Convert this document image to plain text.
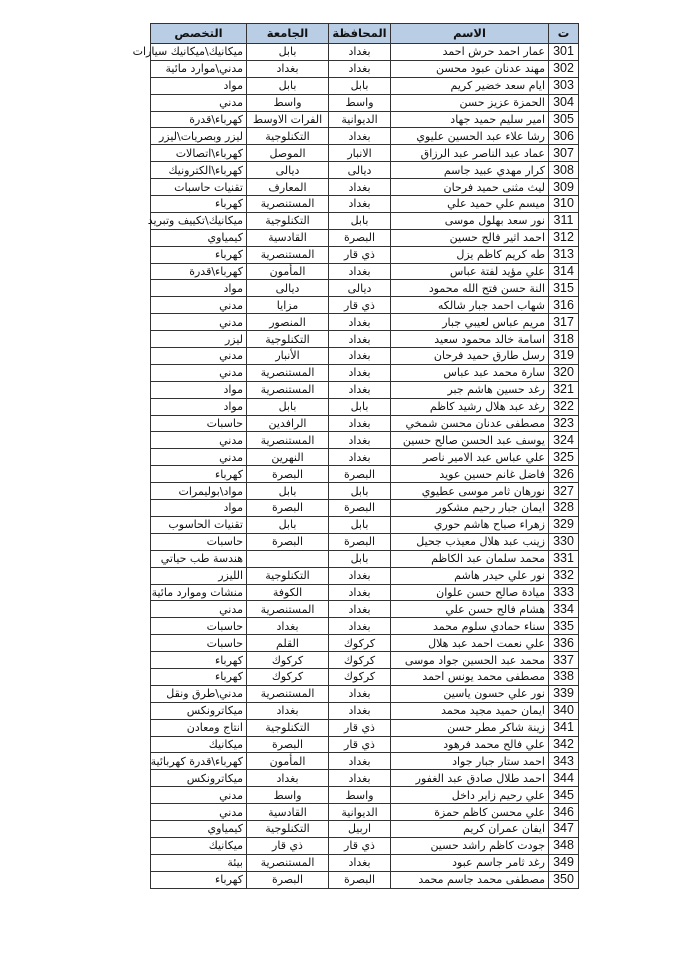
ت	الاسم	المحافظة	الجامعة	التخصص
301	عمار احمد حرش احمد	بغداد	بابل	ميكانيك\ميكانيك سيارات
302	مهند عدنان عبود محسن	بغداد	بغداد	مدني\موارد مائية
303	ايام سعد خضير كريم	بابل	بابل	مواد
304	الحمزة عزيز حسن	واسط	واسط	مدني
305	امير سليم حميد جهاد	الديوانية	الفرات الاوسط	كهرباء\قدرة
306	رشا علاء عبد الحسين عليوي	بغداد	التكنلوجية	ليزر وبصريات\ليزر
307	عماد عبد الناصر عبد الرزاق	الانبار	الموصل	كهرباء\اتصالات
308	كرار مهدي عبيد جاسم	ديالى	ديالى	كهرباء\الكترونيك
309	ليث مثنى حميد فرحان	بغداد	المعارف	تقنيات حاسبات
310	ميسم علي حميد علي	بغداد	المستنصرية	كهرباء
311	نور سعد بهلول موسى	بابل	التكنلوجية	ميكانيك\تكييف وتبريد
312	احمد اثير فالح حسين	البصرة	القادسية	كيمياوي
313	طه كريم كاظم يزل	ذي قار	المستنصرية	كهرباء
314	علي مؤيد لفتة عباس	بغداد	المأمون	كهرباء\قدرة
315	النة حسن فتح الله محمود	ديالى	ديالى	مواد
316	شهاب احمد جبار شالكه	ذي قار	مزايا	مدني
317	مريم عباس لعيبي جبار	بغداد	المنصور	مدني
318	اسامة خالد محمود سعيد	بغداد	التكنلوجية	ليزر
319	رسل طارق حميد فرحان	بغداد	الأنبار	مدني
320	سارة محمد عبد عباس	بغداد	المستنصرية	مدني
321	رغد حسين هاشم جبر	بغداد	المستنصرية	مواد
322	رغد عبد هلال رشيد كاظم	بابل	بابل	مواد
323	مصطفى عدنان محسن شمخي	بغداد	الرافدين	حاسبات
324	يوسف عبد الحسن صالح حسين	بغداد	المستنصرية	مدني
325	علي عباس عبد الامير ناصر	بغداد	النهرين	مدني
326	فاضل غانم حسين عويد	البصرة	البصرة	كهرباء
327	نورهان ثامر موسى عطيوي	بابل	بابل	مواد\بوليمرات
328	ايمان جبار رحيم مشكور	البصرة	البصرة	مواد
329	زهراء صباح هاشم حوري	بابل	بابل	تقنيات الحاسوب
330	زينب عبد هلال معيذب جحيل	البصرة	البصرة	حاسبات
331	محمد سلمان عبد الكاظم	بابل		هندسة طب حياتي
332	نور علي حيدر هاشم	بغداد	التكنلوجية	الليزر
333	ميادة صالح حسن علوان	بغداد	الكوفة	منشات وموارد مائية
334	هشام فالح حسن علي	بغداد	المستنصرية	مدني
335	سناء حمادي سلوم محمد	بغداد	بغداد	حاسبات
336	علي نعمت احمد عبد هلال	كركوك	القلم	حاسبات
337	محمد عبد الحسين جواد موسى	كركوك	كركوك	كهرباء
338	مصطفى محمد يونس احمد	كركوك	كركوك	كهرباء
339	نور علي حسون ياسين	بغداد	المستنصرية	مدني\طرق ونقل
340	ايمان حميد مجيد محمد	بغداد	بغداد	ميكاترونكس
341	زينة شاكر مطر حسن	ذي قار	التكنلوجية	انتاج ومعادن
342	علي فالح محمد فرهود	ذي قار	البصرة	ميكانيك
343	احمد ستار جبار جواد	بغداد	المأمون	كهرباء\قدرة كهربائية
344	احمد طلال صادق عبد الغفور	بغداد	بغداد	ميكاترونكس
345	علي رحيم زاير داخل	واسط	واسط	مدني
346	علي محسن كاظم حمزة	الديوانية	القادسية	مدني
347	ايفان عمران كريم	اربيل	التكنلوجية	كيمياوي
348	جودت كاظم راشد حسين	ذي قار	ذي قار	ميكانيك
349	رغد ثامر جاسم عبود	بغداد	المستنصرية	بيئة
350	مصطفى محمد جاسم محمد	البصرة	البصرة	كهرباء
